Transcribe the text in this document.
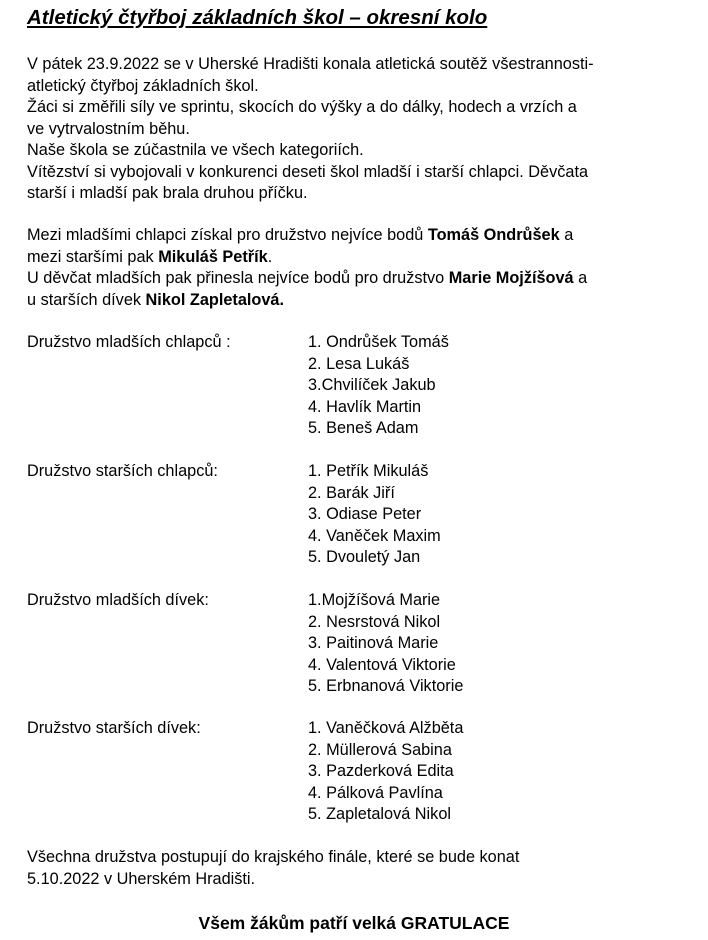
Atletický čtyřboj základních škol – okresní kolo
V pátek 23.9.2022 se v Uherské Hradišti konala atletická soutěž všestrannosti-
atletický čtyřboj základních škol.
Žáci si změřili síly ve sprintu, skocích do výšky a do dálky, hodech a vrzích a
ve vytrvalostním běhu.
Naše škola se zúčastnila ve všech kategoriích.
Vítězství si vybojovali v konkurenci deseti škol mladší i starší chlapci. Děvčata
starší i mladší pak brala druhou příčku.
Mezi mladšími chlapci získal pro družstvo nejvíce bodů Tomáš Ondrůšek a
mezi staršími pak Mikuláš Petřík.
U děvčat mladších pak přinesla nejvíce bodů pro družstvo Marie Mojžíšová a
u starších dívek Nikol Zapletalová.
Družstvo mladších chlapců :	1. Ondrůšek Tomáš
2. Lesa Lukáš
3.Chvilíček Jakub
4. Havlík Martin
5. Beneš Adam
Družstvo starších chlapců:	1. Petřík Mikuláš
2. Barák Jiří
3. Odiase Peter
4. Vaněček Maxim
5. Dvouletý Jan
Družstvo mladších dívek:	1.Mojžíšová Marie
2. Nesrstová Nikol
3. Paitinová Marie
4. Valentová Viktorie
5. Erbnanová Viktorie
Družstvo starších dívek:	1. Vaněčková Alžběta
2. Müllerová Sabina
3. Pazderková Edita
4. Pálková Pavlína
5. Zapletalová Nikol
Všechna družstva postupují do krajského finále, které se bude konat
5.10.2022 v Uherském Hradišti.
Všem žákům patří velká GRATULACE
